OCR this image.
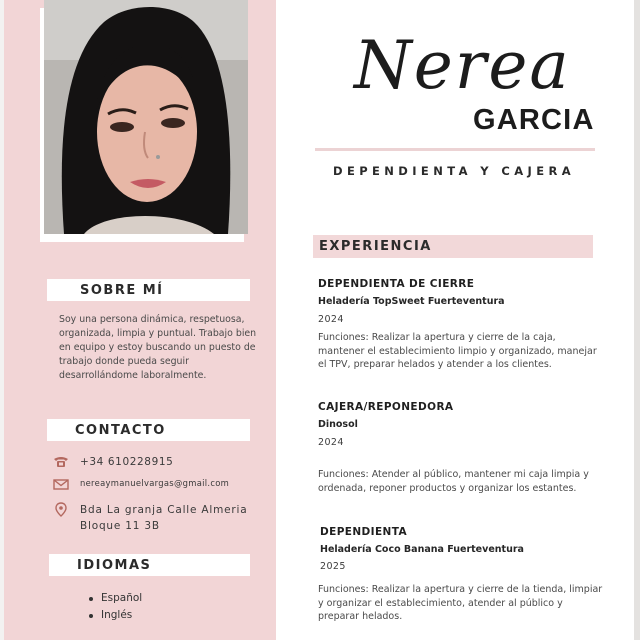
SOBRE MÍ
Soy una persona dinámica, respetuosa, organizada, limpia y puntual. Trabajo bien en equipo y estoy buscando un puesto de trabajo donde pueda seguir desarrollándome laboralmente.
CONTACTO
+34 610228915
nereaymanuelvargas@gmail.com
Bda La granja Calle Almeria Bloque 11 3B
IDIOMAS
Español
Inglés
Nerea
GARCIA
DEPENDIENTA Y CAJERA
EXPERIENCIA
DEPENDIENTA DE CIERRE
Heladería TopSweet Fuerteventura
2024
Funciones: Realizar la apertura y cierre de la caja, mantener el establecimiento limpio y organizado, manejar el TPV, preparar helados y atender a los clientes.
CAJERA/REPONEDORA
Dinosol
2024
Funciones: Atender al público, mantener mi caja limpia y ordenada, reponer productos y organizar los estantes.
DEPENDIENTA
Heladería Coco Banana Fuerteventura
2025
Funciones: Realizar la apertura y cierre de la tienda, limpiar y organizar el establecimiento, atender al público y preparar helados.
